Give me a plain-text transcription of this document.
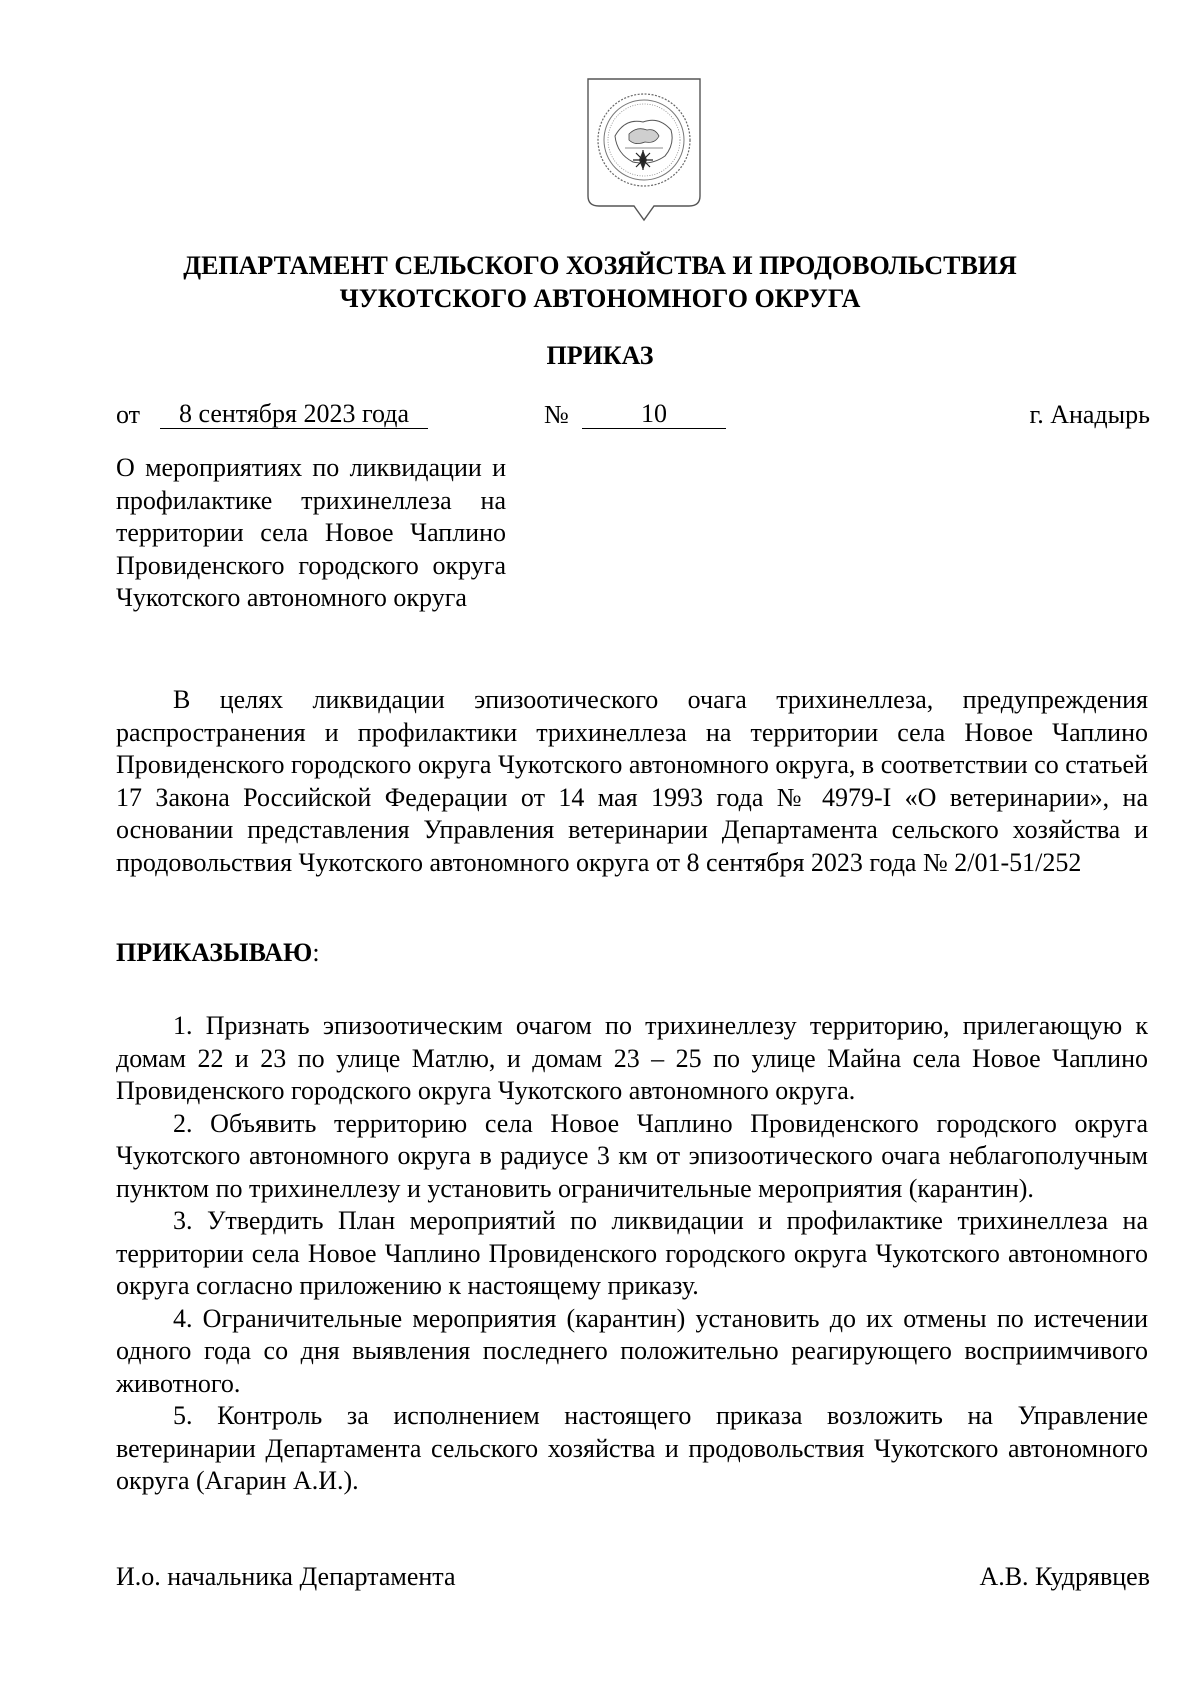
ДЕПАРТАМЕНТ СЕЛЬСКОГО ХОЗЯЙСТВА И ПРОДОВОЛЬСТВИЯ
ЧУКОТСКОГО АВТОНОМНОГО ОКРУГА
ПРИКАЗ
от	8 сентября 2023 года	№	10	г. Анадырь
О мероприятиях по ликвидации и профилактике трихинеллеза на территории села Новое Чаплино Провиденского городского округа Чукотского автономного округа
В целях ликвидации эпизоотического очага трихинеллеза, предупреждения распространения и профилактики трихинеллеза на территории села Новое Чаплино Провиденского городского округа Чукотского автономного округа, в соответствии со статьей 17 Закона Российской Федерации от 14 мая 1993 года № 4979-I «О ветеринарии», на основании представления Управления ветеринарии Департамента сельского хозяйства и продовольствия Чукотского автономного округа от 8 сентября 2023 года № 2/01-51/252
ПРИКАЗЫВАЮ:

1. Признать эпизоотическим очагом по трихинеллезу территорию, прилегающую к домам 22 и 23 по улице Матлю, и домам 23 – 25 по улице Майна села Новое Чаплино Провиденского городского округа Чукотского автономного округа.

2. Объявить территорию села Новое Чаплино Провиденского городского округа Чукотского автономного округа в радиусе 3 км от эпизоотического очага неблагополучным пунктом по трихинеллезу и установить ограничительные мероприятия (карантин).

3. Утвердить План мероприятий по ликвидации и профилактике трихинеллеза на территории села Новое Чаплино Провиденского городского округа Чукотского автономного округа согласно приложению к настоящему приказу.

4. Ограничительные мероприятия (карантин) установить до их отмены по истечении одного года со дня выявления последнего положительно реагирующего восприимчивого животного.

5. Контроль за исполнением настоящего приказа возложить на Управление ветеринарии Департамента сельского хозяйства и продовольствия Чукотского автономного округа (Агарин А.И.).

И.о. начальника Департамента	А.В. Кудрявцев
